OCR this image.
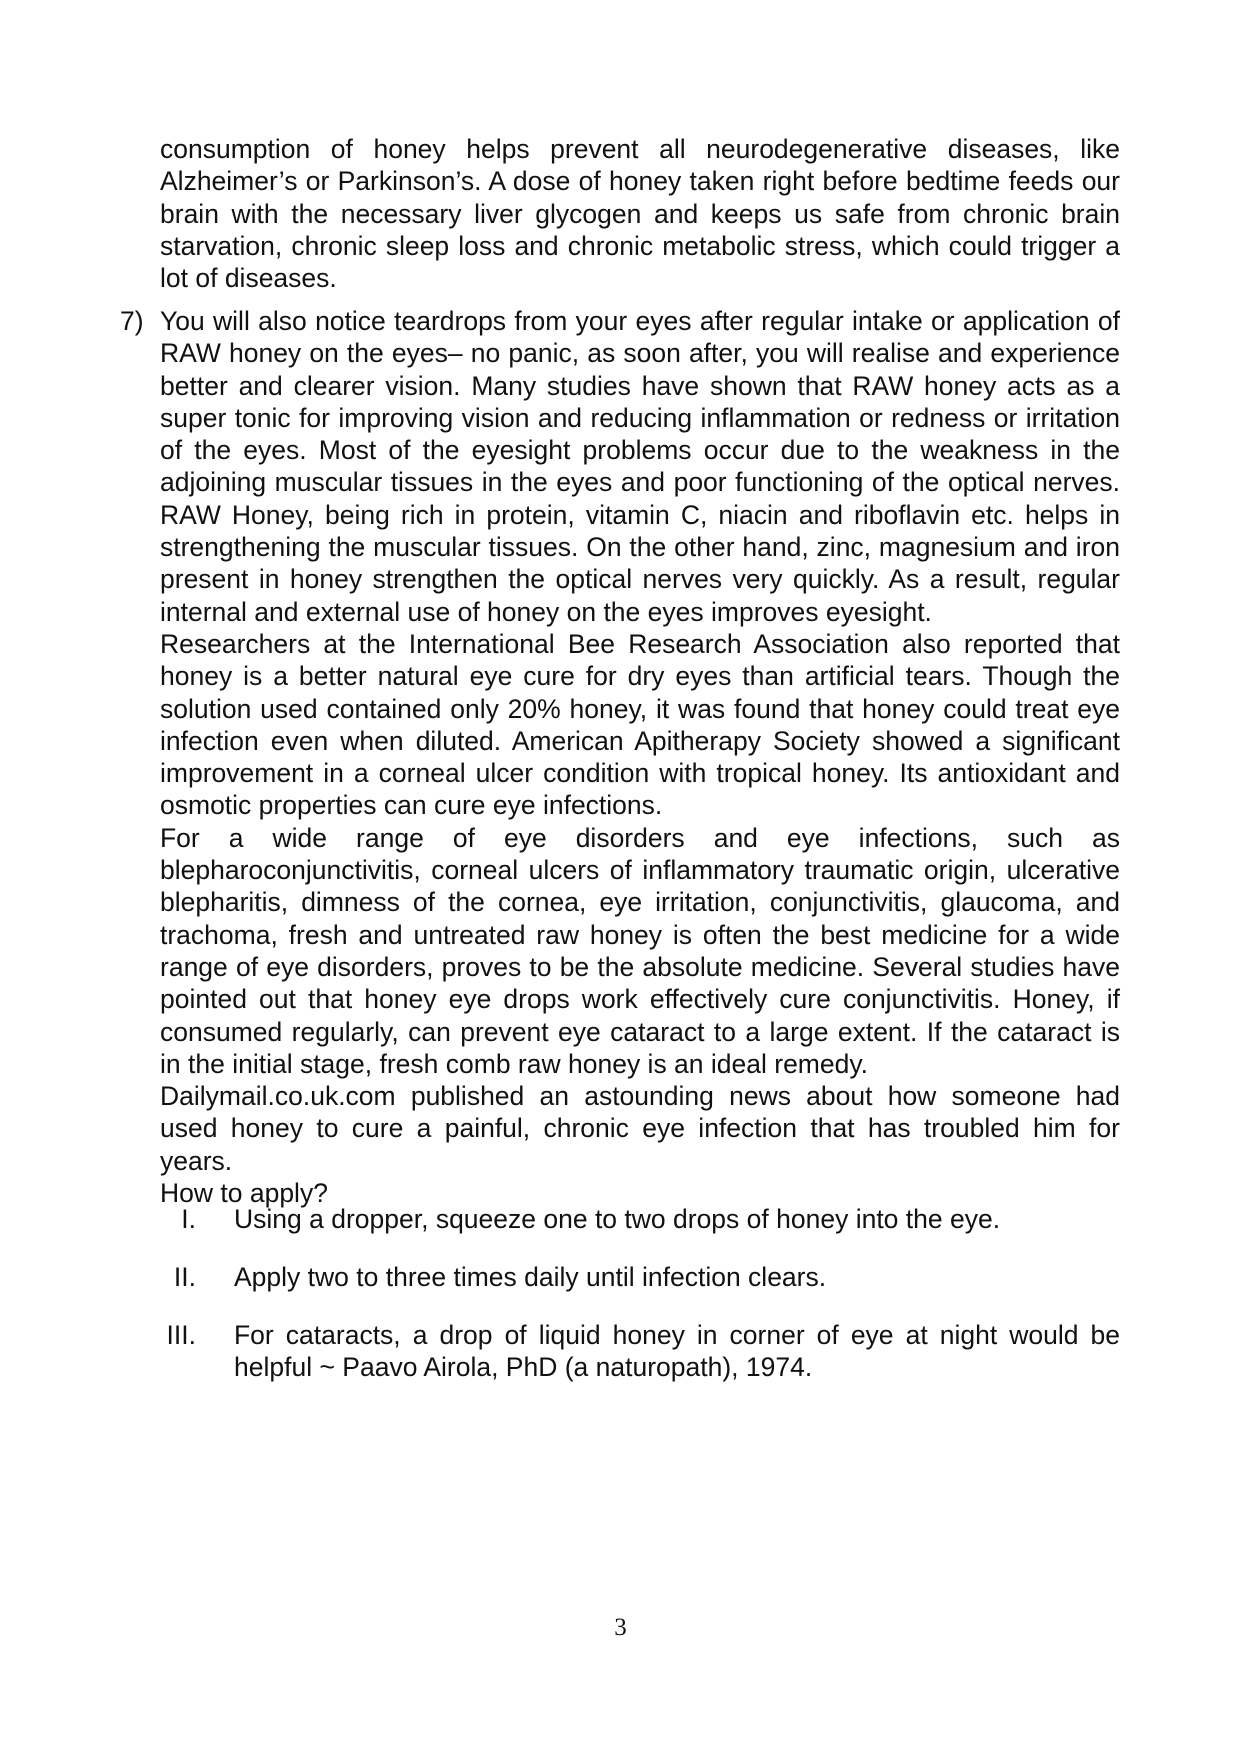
consumption of honey helps prevent all neurodegenerative diseases, like Alzheimer’s or Parkinson’s. A dose of honey taken right before bedtime feeds our brain with the necessary liver glycogen and keeps us safe from chronic brain starvation, chronic sleep loss and chronic metabolic stress, which could trigger a lot of diseases.

7) You will also notice teardrops from your eyes after regular intake or application of RAW honey on the eyes– no panic, as soon after, you will realise and experience better and clearer vision. Many studies have shown that RAW honey acts as a super tonic for improving vision and reducing inflammation or redness or irritation of the eyes. Most of the eyesight problems occur due to the weakness in the adjoining muscular tissues in the eyes and poor functioning of the optical nerves. RAW Honey, being rich in protein, vitamin C, niacin and riboflavin etc. helps in strengthening the muscular tissues. On the other hand, zinc, magnesium and iron present in honey strengthen the optical nerves very quickly. As a result, regular internal and external use of honey on the eyes improves eyesight.

Researchers at the International Bee Research Association also reported that honey is a better natural eye cure for dry eyes than artificial tears. Though the solution used contained only 20% honey, it was found that honey could treat eye infection even when diluted. American Apitherapy Society showed a significant improvement in a corneal ulcer condition with tropical honey. Its antioxidant and osmotic properties can cure eye infections.

For a wide range of eye disorders and eye infections, such as blepharoconjunctivitis, corneal ulcers of inflammatory traumatic origin, ulcerative blepharitis, dimness of the cornea, eye irritation, conjunctivitis, glaucoma, and trachoma, fresh and untreated raw honey is often the best medicine for a wide range of eye disorders, proves to be the absolute medicine. Several studies have pointed out that honey eye drops work effectively cure conjunctivitis. Honey, if consumed regularly, can prevent eye cataract to a large extent. If the cataract is in the initial stage, fresh comb raw honey is an ideal remedy.

Dailymail.co.uk.com published an astounding news about how someone had used honey to cure a painful, chronic eye infection that has troubled him for years.

How to apply?

I. Using a dropper, squeeze one to two drops of honey into the eye.
II. Apply two to three times daily until infection clears.
III. For cataracts, a drop of liquid honey in corner of eye at night would be helpful ~ Paavo Airola, PhD (a naturopath), 1974.
3
